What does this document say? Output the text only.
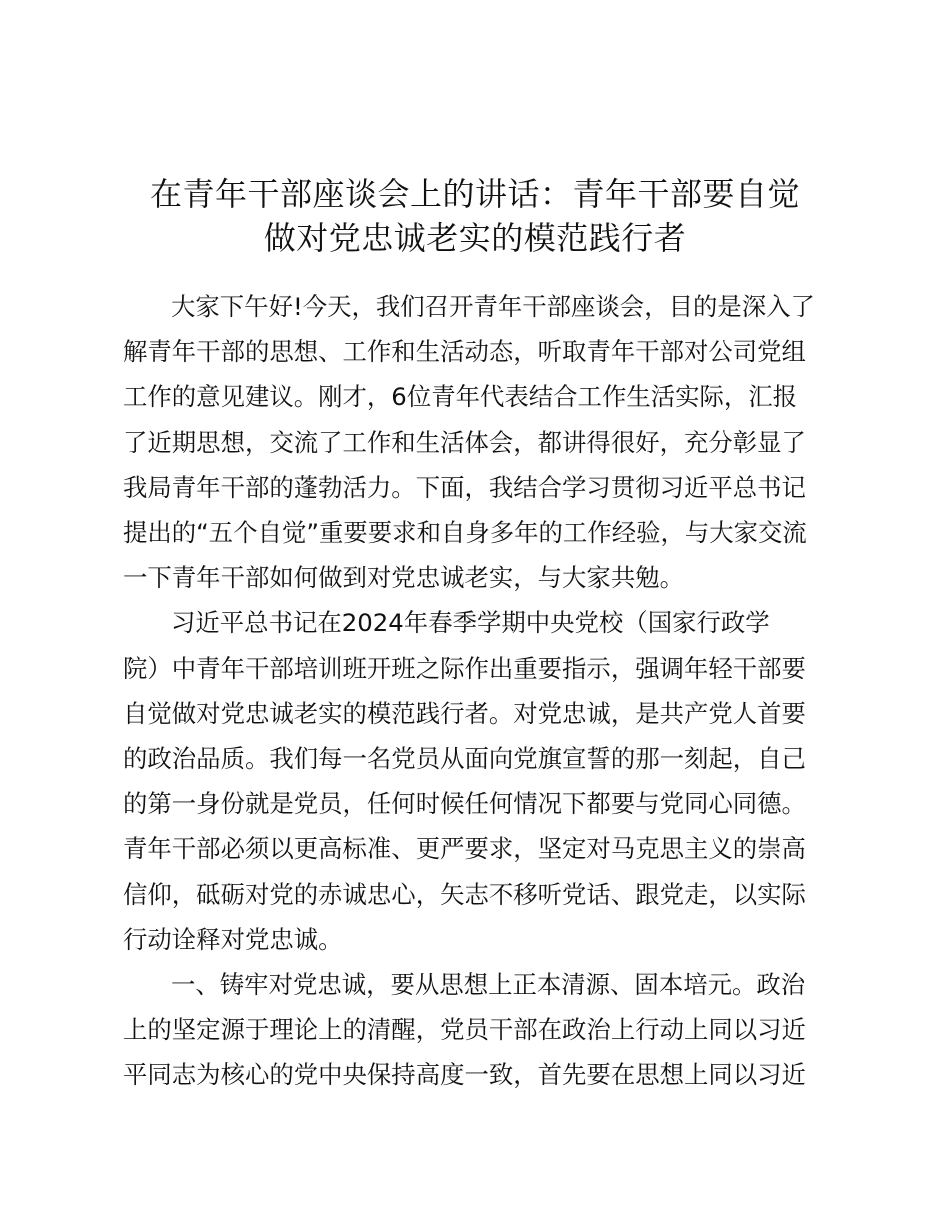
在青年干部座谈会上的讲话：青年干部要自觉
做对党忠诚老实的模范践行者
大家下午好!今天，我们召开青年干部座谈会，目的是深入了
解青年干部的思想、工作和生活动态，听取青年干部对公司党组
工作的意见建议。刚才，6位青年代表结合工作生活实际，汇报
了近期思想，交流了工作和生活体会，都讲得很好，充分彰显了
我局青年干部的蓬勃活力。下面，我结合学习贯彻习近平总书记
提出的“五个自觉”重要要求和自身多年的工作经验，与大家交流
一下青年干部如何做到对党忠诚老实，与大家共勉。
习近平总书记在2024年春季学期中央党校（国家行政学
院）中青年干部培训班开班之际作出重要指示，强调年轻干部要
自觉做对党忠诚老实的模范践行者。对党忠诚，是共产党人首要
的政治品质。我们每一名党员从面向党旗宣誓的那一刻起，自己
的第一身份就是党员，任何时候任何情况下都要与党同心同德。
青年干部必须以更高标准、更严要求，坚定对马克思主义的崇高
信仰，砥砺对党的赤诚忠心，矢志不移听党话、跟党走，以实际
行动诠释对党忠诚。
一、铸牢对党忠诚，要从思想上正本清源、固本培元。政治
上的坚定源于理论上的清醒，党员干部在政治上行动上同以习近
平同志为核心的党中央保持高度一致，首先要在思想上同以习近
